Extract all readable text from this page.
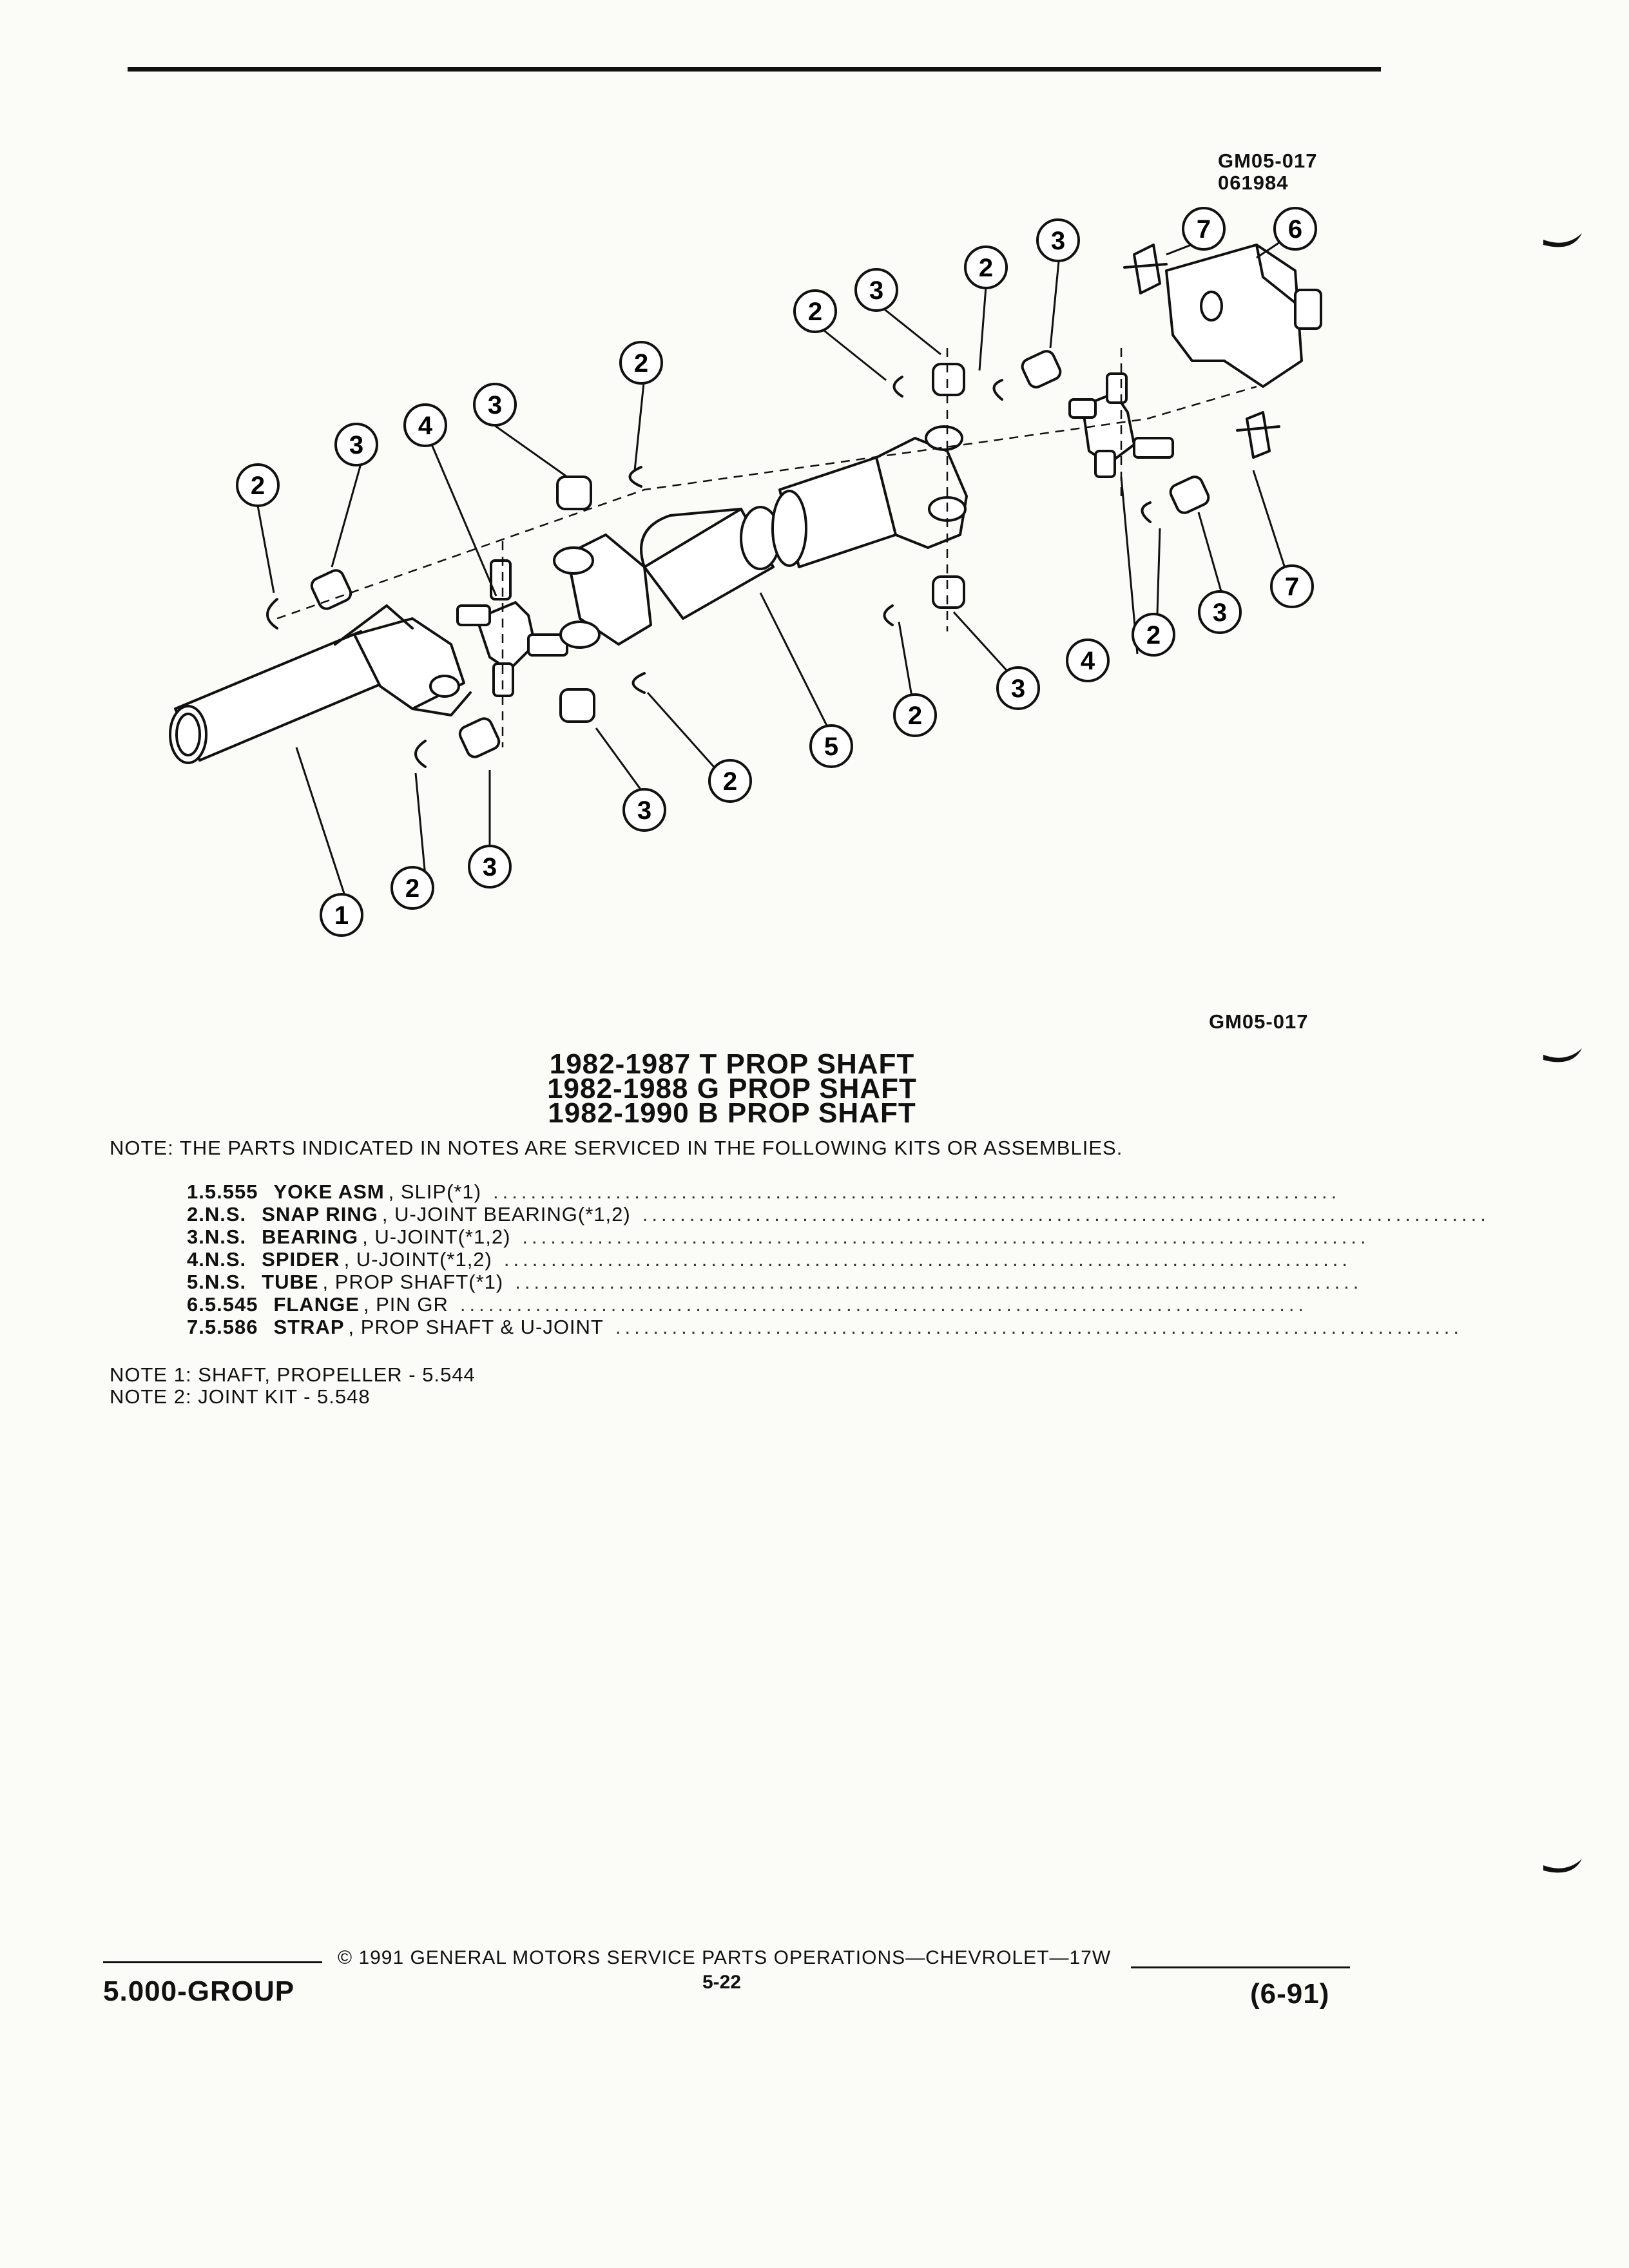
GM05-017
061984
1
2
3
2
3
4
3
2
3
2
5
2
3
2
3
2
3
4
2
3
7
7	6
GM05-017
1982-1987 T PROP SHAFT
1982-1988 G PROP SHAFT
1982-1990 B PROP SHAFT
NOTE: THE PARTS INDICATED IN NOTES ARE SERVICED IN THE FOLLOWING KITS OR ASSEMBLIES.
1. 5.555 YOKE ASM , SLIP(*1) ..........................................................................................
2. N.S. SNAP RING , U-JOINT BEARING(*1,2) ..........................................................................................
3. N.S. BEARING , U-JOINT(*1,2) ..........................................................................................
4. N.S. SPIDER , U-JOINT(*1,2) ..........................................................................................
5. N.S. TUBE , PROP SHAFT(*1) ..........................................................................................
6. 5.545 FLANGE , PIN GR ..........................................................................................
7. 5.586 STRAP , PROP SHAFT & U-JOINT ..........................................................................................
NOTE 1: SHAFT, PROPELLER - 5.544
NOTE 2: JOINT KIT - 5.548
© 1991 GENERAL MOTORS SERVICE PARTS OPERATIONS—CHEVROLET—17W
5.000-GROUP	5-22	(6-91)
